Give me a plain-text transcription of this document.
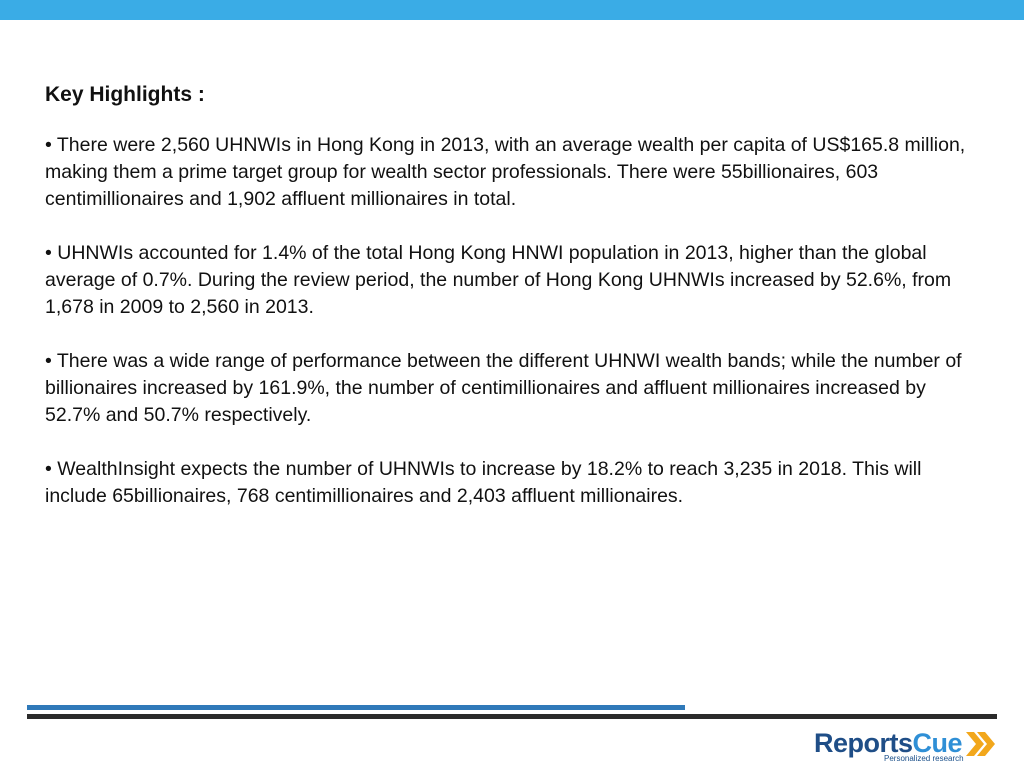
Key Highlights :

• There were 2,560 UHNWIs in Hong Kong in 2013, with an average wealth per capita of US$165.8 million, making them a prime target group for wealth sector professionals. There were 55billionaires, 603 centimillionaires and 1,902 affluent millionaires in total.

• UHNWIs accounted for 1.4% of the total Hong Kong HNWI population in 2013, higher than the global average of 0.7%. During the review period, the number of Hong Kong UHNWIs increased by 52.6%, from 1,678 in 2009 to 2,560 in 2013.

• There was a wide range of performance between the different UHNWI wealth bands; while the number of billionaires increased by 161.9%, the number of centimillionaires and affluent millionaires increased by 52.7% and 50.7% respectively.

• WealthInsight expects the number of UHNWIs to increase by 18.2% to reach 3,235 in 2018. This will include 65billionaires, 768 centimillionaires and 2,403 affluent millionaires.

ReportsCue
Personalized research
